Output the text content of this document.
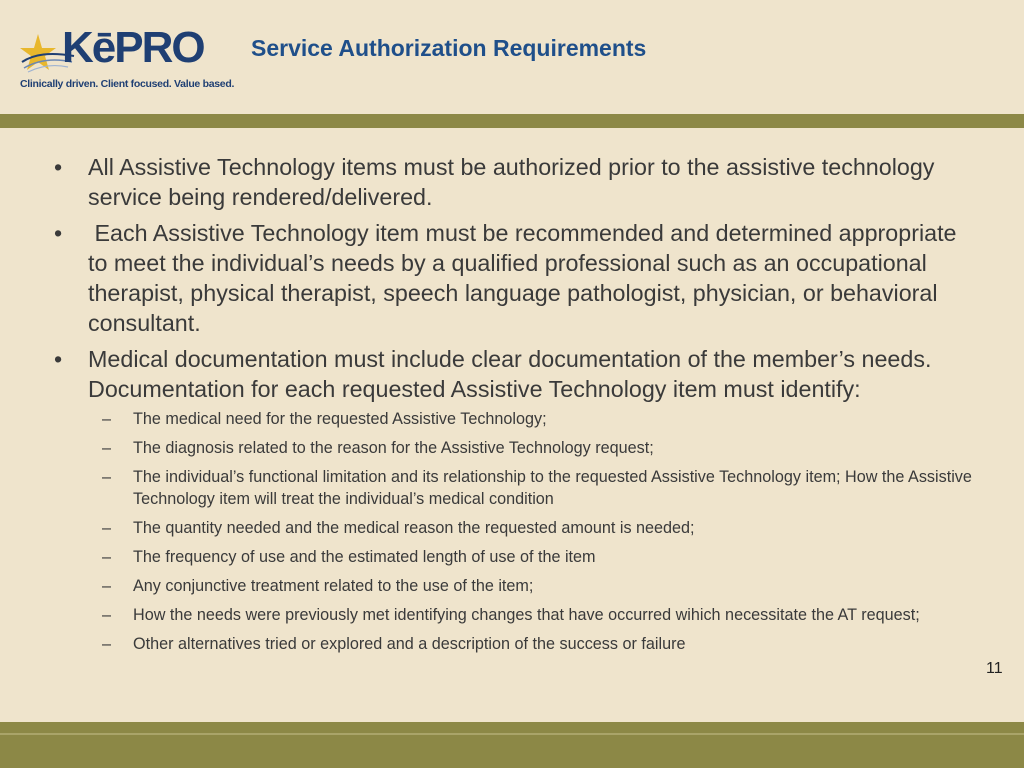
KēPRO
Clinically driven. Client focused. Value based.
Service Authorization Requirements
• All Assistive Technology items must be authorized prior to the assistive technology service being rendered/delivered.
• Each Assistive Technology item must be recommended and determined appropriate to meet the individual’s needs by a qualified professional such as an occupational therapist, physical therapist, speech language pathologist, physician, or behavioral consultant.
• Medical documentation must include clear documentation of the member’s needs. Documentation for each requested Assistive Technology item must identify:
– The medical need for the requested Assistive Technology;
– The diagnosis related to the reason for the Assistive Technology request;
– The individual’s functional limitation and its relationship to the requested Assistive Technology item; How the Assistive Technology item will treat the individual’s medical condition
– The quantity needed and the medical reason the requested amount is needed;
– The frequency of use and the estimated length of use of the item
– Any conjunctive treatment related to the use of the item;
– How the needs were previously met identifying changes that have occurred wihich necessitate the AT request;
– Other alternatives tried or explored and a description of the success or failure
11
